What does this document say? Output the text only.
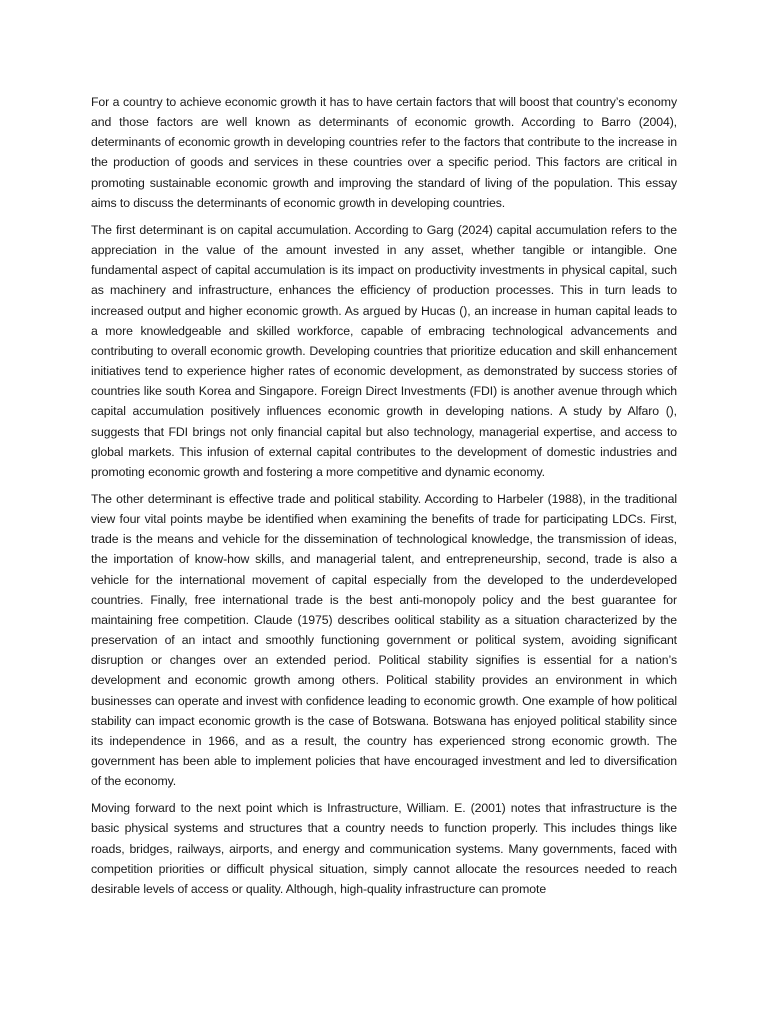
For a country to achieve economic growth it has to have certain factors that will boost that country’s economy and those factors are well known as determinants of economic growth. According to Barro (2004), determinants of economic growth in developing countries refer to the factors that contribute to the increase in the production of goods and services in these countries over a specific period. This factors are critical in promoting sustainable economic growth and improving the standard of living of the population. This essay aims to discuss the determinants of economic growth in developing countries.

The first determinant is on capital accumulation. According to Garg (2024) capital accumulation refers to the appreciation in the value of the amount invested in any asset, whether tangible or intangible. One fundamental aspect of capital accumulation is its impact on productivity investments in physical capital, such as machinery and infrastructure, enhances the efficiency of production processes. This in turn leads to increased output and higher economic growth. As argued by Hucas (), an increase in human capital leads to a more knowledgeable and skilled workforce, capable of embracing technological advancements and contributing to overall economic growth. Developing countries that prioritize education and skill enhancement initiatives tend to experience higher rates of economic development, as demonstrated by success stories of countries like south Korea and Singapore. Foreign Direct Investments (FDI) is another avenue through which capital accumulation positively influences economic growth in developing nations. A study by Alfaro (), suggests that FDI brings not only financial capital but also technology, managerial expertise, and access to global markets. This infusion of external capital contributes to the development of domestic industries and promoting economic growth and fostering a more competitive and dynamic economy.

The other determinant is effective trade and political stability. According to Harbeler (1988), in the traditional view four vital points maybe be identified when examining the benefits of trade for participating LDCs. First, trade is the means and vehicle for the dissemination of technological knowledge, the transmission of ideas, the importation of know-how skills, and managerial talent, and entrepreneurship, second, trade is also a vehicle for the international movement of capital especially from the developed to the underdeveloped countries. Finally, free international trade is the best anti-monopoly policy and the best guarantee for maintaining free competition. Claude (1975) describes oolitical stability as a situation characterized by the preservation of an intact and smoothly functioning government or political system, avoiding significant disruption or changes over an extended period. Political stability signifies is essential for a nation’s development and economic growth among others. Political stability provides an environment in which businesses can operate and invest with confidence leading to economic growth. One example of how political stability can impact economic growth is the case of Botswana. Botswana has enjoyed political stability since its independence in 1966, and as a result, the country has experienced strong economic growth. The government has been able to implement policies that have encouraged investment and led to diversification of the economy.

Moving forward to the next point which is Infrastructure, William. E. (2001) notes that infrastructure is the basic physical systems and structures that a country needs to function properly. This includes things like roads, bridges, railways, airports, and energy and communication systems. Many governments, faced with competition priorities or difficult physical situation, simply cannot allocate the resources needed to reach desirable levels of access or quality. Although, high-quality infrastructure can promote
